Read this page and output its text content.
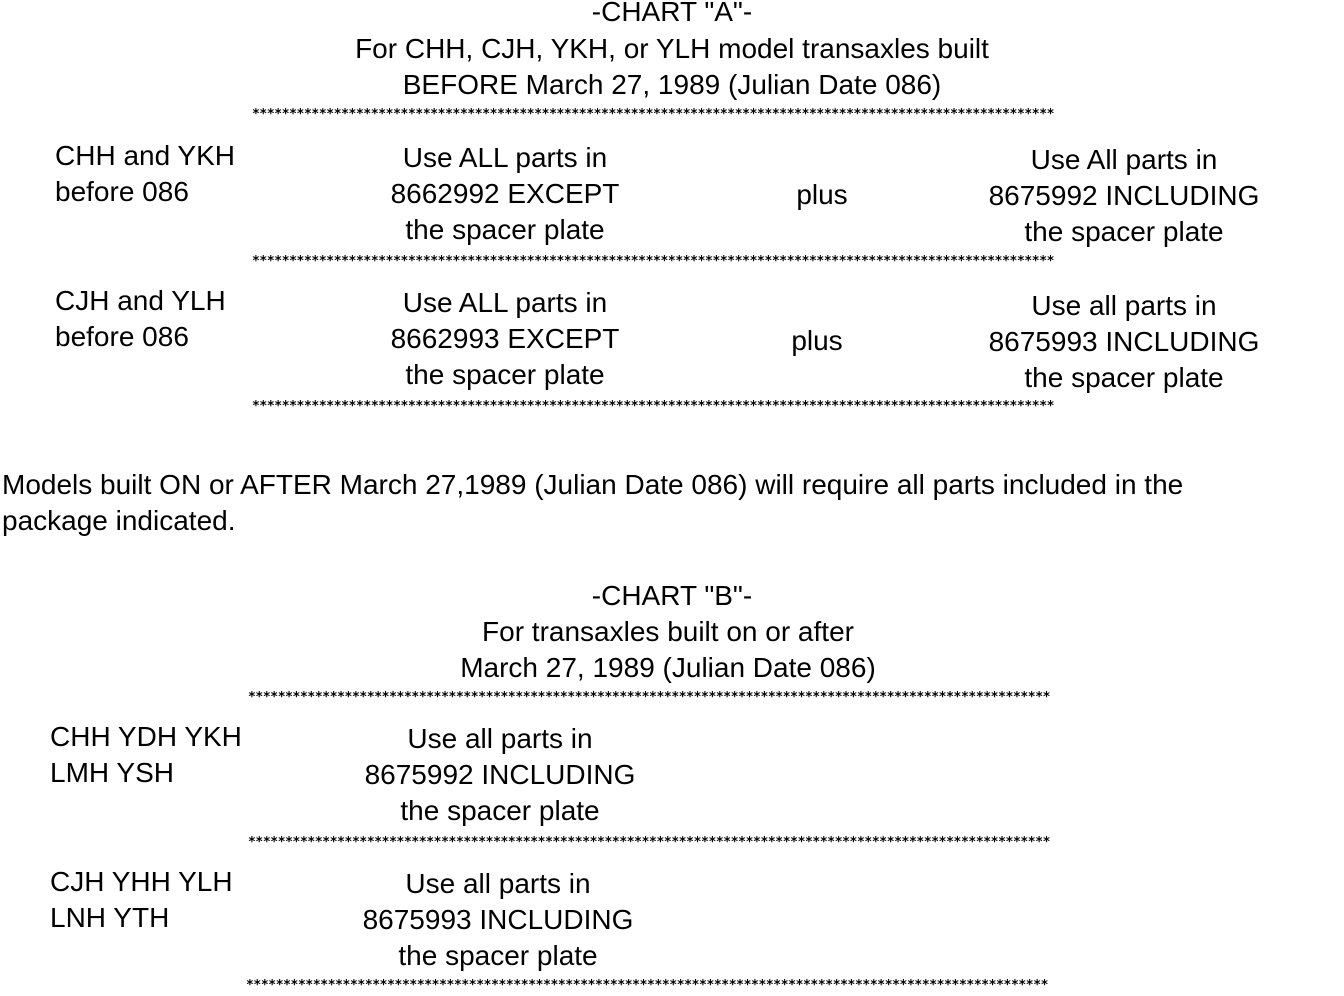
-CHART "A"-
For CHH, CJH, YKH, or YLH model transaxles built
BEFORE March 27, 1989 (Julian Date 086)
************************************************************************************************************
CHH and YKH
before 086
Use ALL parts in
8662992 EXCEPT
the spacer plate
plus
Use All parts in
8675992 INCLUDING
the spacer plate
************************************************************************************************************
CJH and YLH
before 086
Use ALL parts in
8662993 EXCEPT
the spacer plate
plus
Use all parts in
8675993 INCLUDING
the spacer plate
************************************************************************************************************
Models built ON or AFTER March 27,1989 (Julian Date 086) will require all parts included in the
package indicated.
-CHART "B"-
For transaxles built on or after
March 27, 1989 (Julian Date 086)
************************************************************************************************************
CHH YDH YKH
LMH YSH
Use all parts in
8675992 INCLUDING
the spacer plate
************************************************************************************************************
CJH YHH YLH
LNH YTH
Use all parts in
8675993 INCLUDING
the spacer plate
************************************************************************************************************
